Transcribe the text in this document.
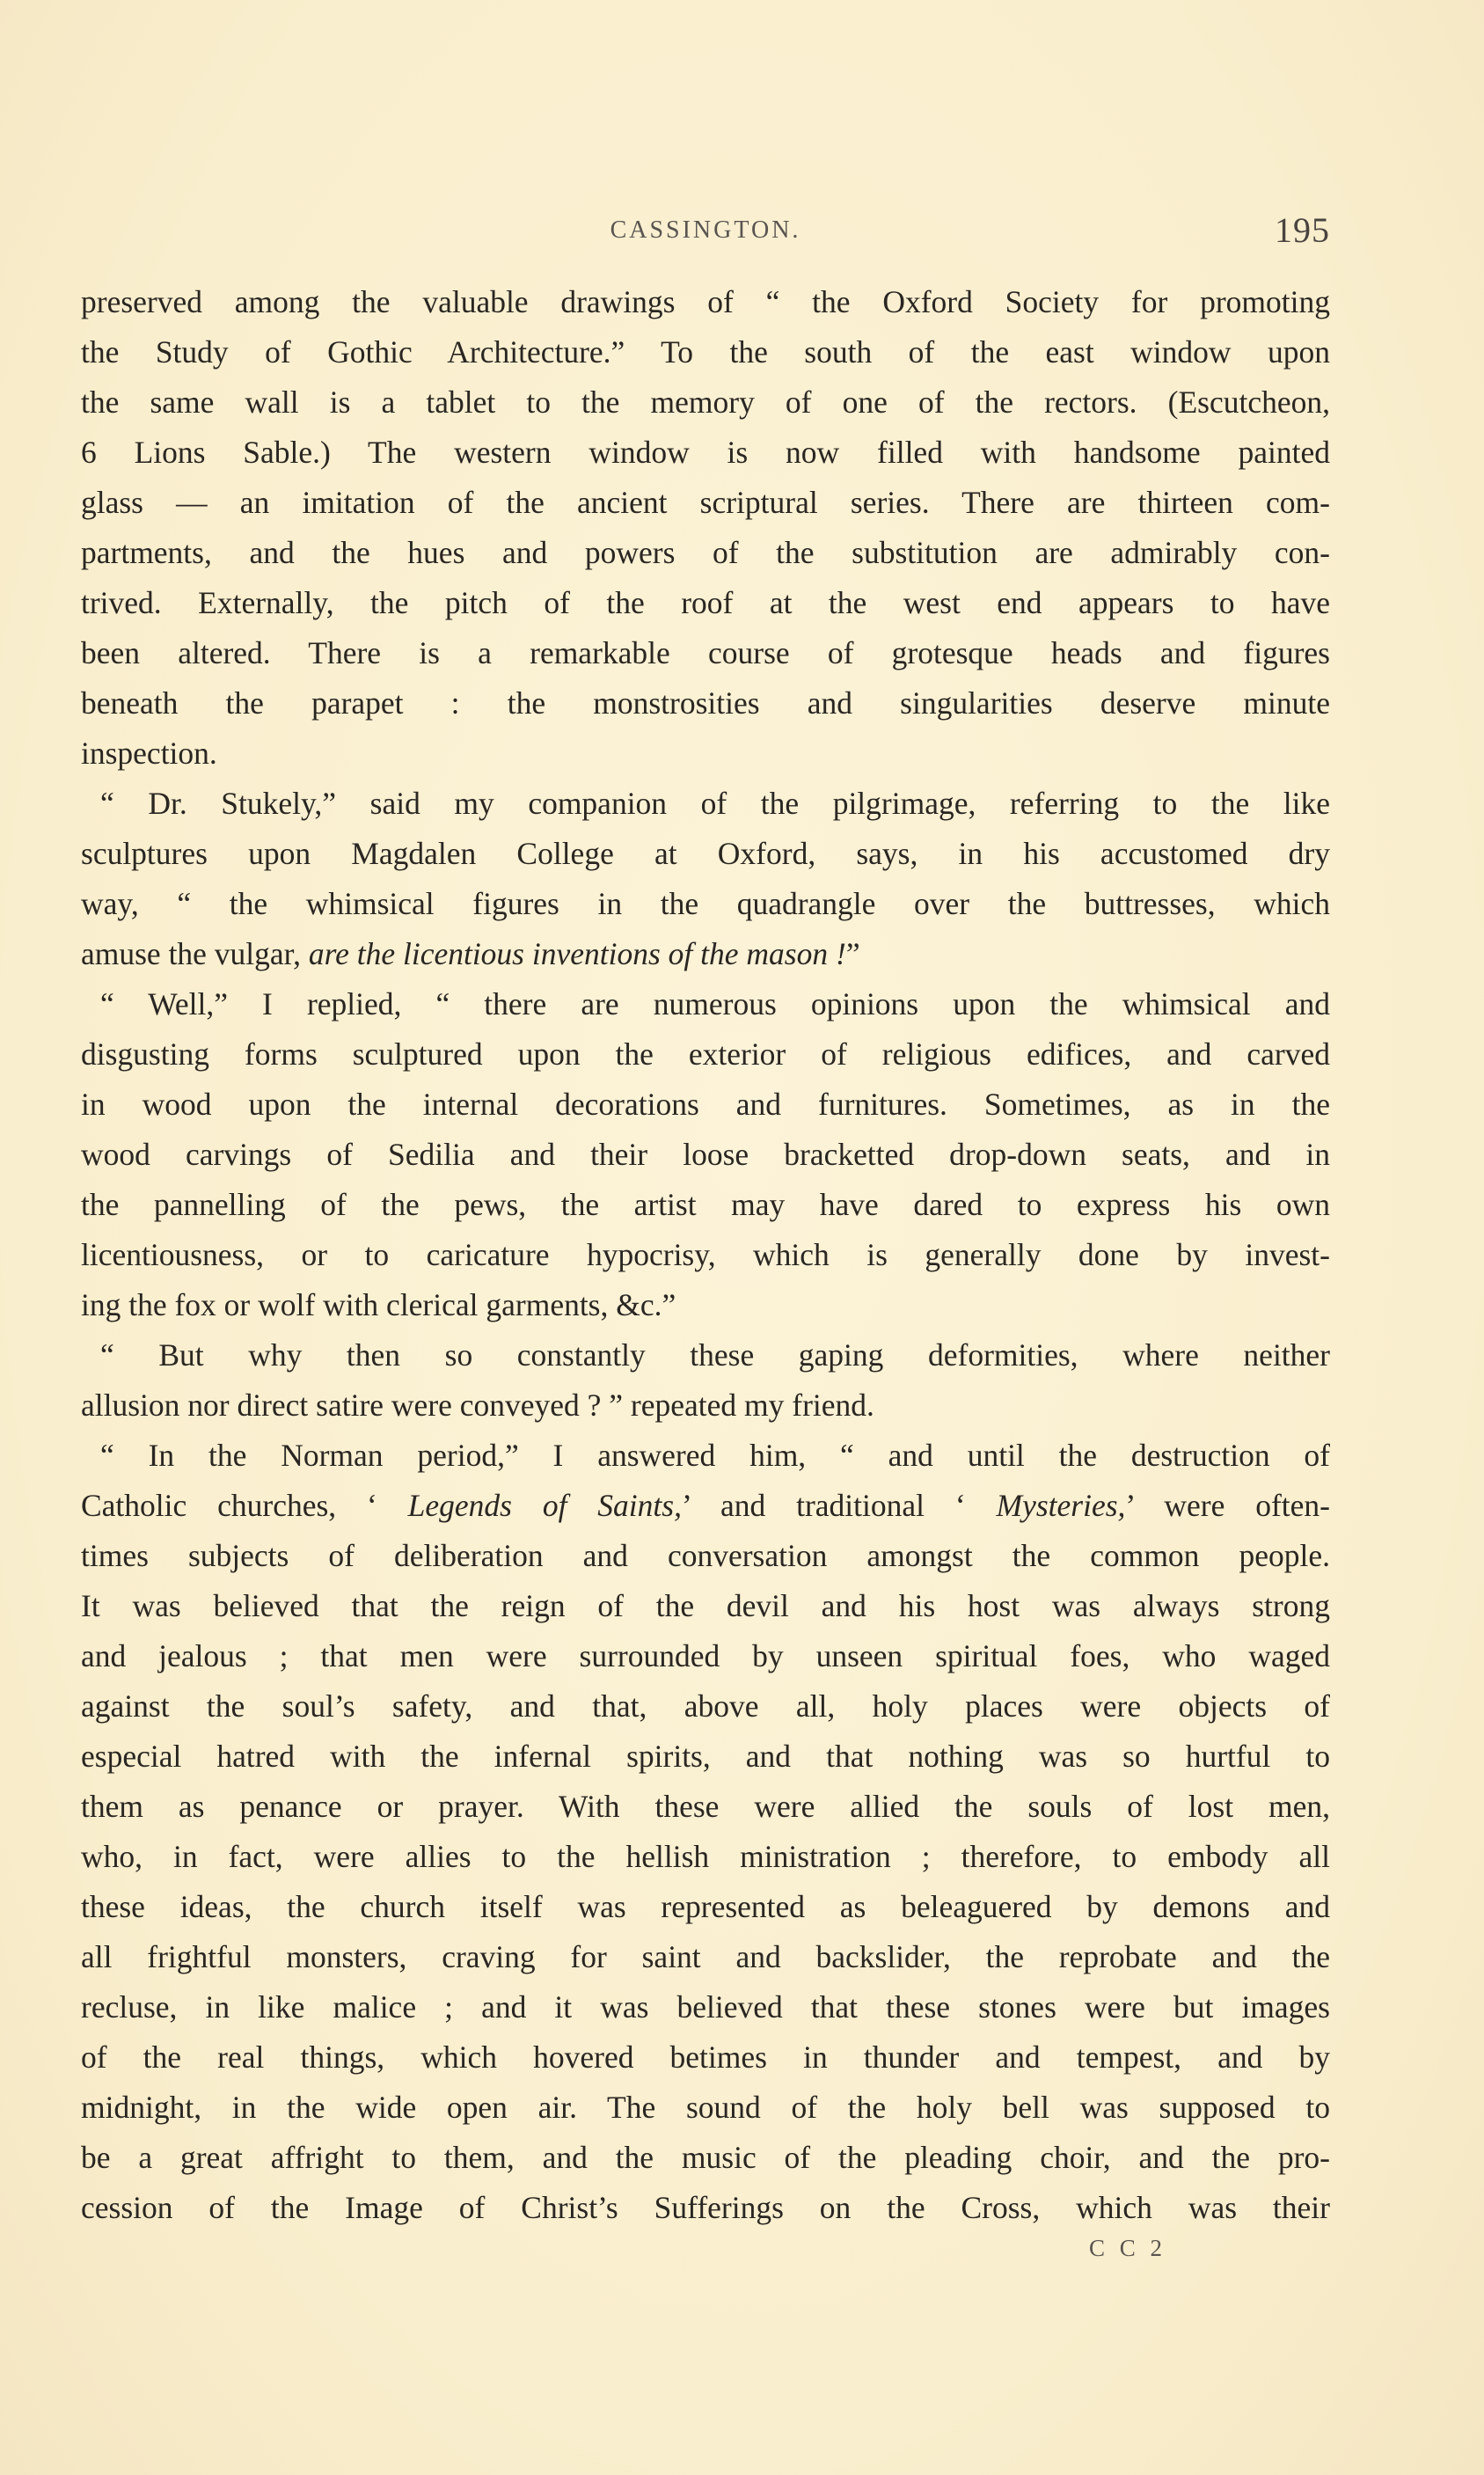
CASSINGTON.	195
preserved among the valuable drawings of “ the Oxford Society for promoting
the Study of Gothic Architecture.” To the south of the east window upon
the same wall is a tablet to the memory of one of the rectors. (Escutcheon,
6 Lions Sable.) The western window is now filled with handsome painted
glass — an imitation of the ancient scriptural series. There are thirteen com-
partments, and the hues and powers of the substitution are admirably con-
trived. Externally, the pitch of the roof at the west end appears to have
been altered. There is a remarkable course of grotesque heads and figures
beneath the parapet : the monstrosities and singularities deserve minute
inspection.
“ Dr. Stukely,” said my companion of the pilgrimage, referring to the like
sculptures upon Magdalen College at Oxford, says, in his accustomed dry
way, “ the whimsical figures in the quadrangle over the buttresses, which
amuse the vulgar, are the licentious inventions of the mason !”
“ Well,” I replied, “ there are numerous opinions upon the whimsical and
disgusting forms sculptured upon the exterior of religious edifices, and carved
in wood upon the internal decorations and furnitures. Sometimes, as in the
wood carvings of Sedilia and their loose bracketted drop-down seats, and in
the pannelling of the pews, the artist may have dared to express his own
licentiousness, or to caricature hypocrisy, which is generally done by invest-
ing the fox or wolf with clerical garments, &c.”
“ But why then so constantly these gaping deformities, where neither
allusion nor direct satire were conveyed ? ” repeated my friend.
“ In the Norman period,” I answered him, “ and until the destruction of
Catholic churches, ‘ Legends of Saints,’ and traditional ‘ Mysteries,’ were often-
times subjects of deliberation and conversation amongst the common people.
It was believed that the reign of the devil and his host was always strong
and jealous ; that men were surrounded by unseen spiritual foes, who waged
against the soul’s safety, and that, above all, holy places were objects of
especial hatred with the infernal spirits, and that nothing was so hurtful to
them as penance or prayer. With these were allied the souls of lost men,
who, in fact, were allies to the hellish ministration ; therefore, to embody all
these ideas, the church itself was represented as beleaguered by demons and
all frightful monsters, craving for saint and backslider, the reprobate and the
recluse, in like malice ; and it was believed that these stones were but images
of the real things, which hovered betimes in thunder and tempest, and by
midnight, in the wide open air. The sound of the holy bell was supposed to
be a great affright to them, and the music of the pleading choir, and the pro-
cession of the Image of Christ’s Sufferings on the Cross, which was their
C C 2
